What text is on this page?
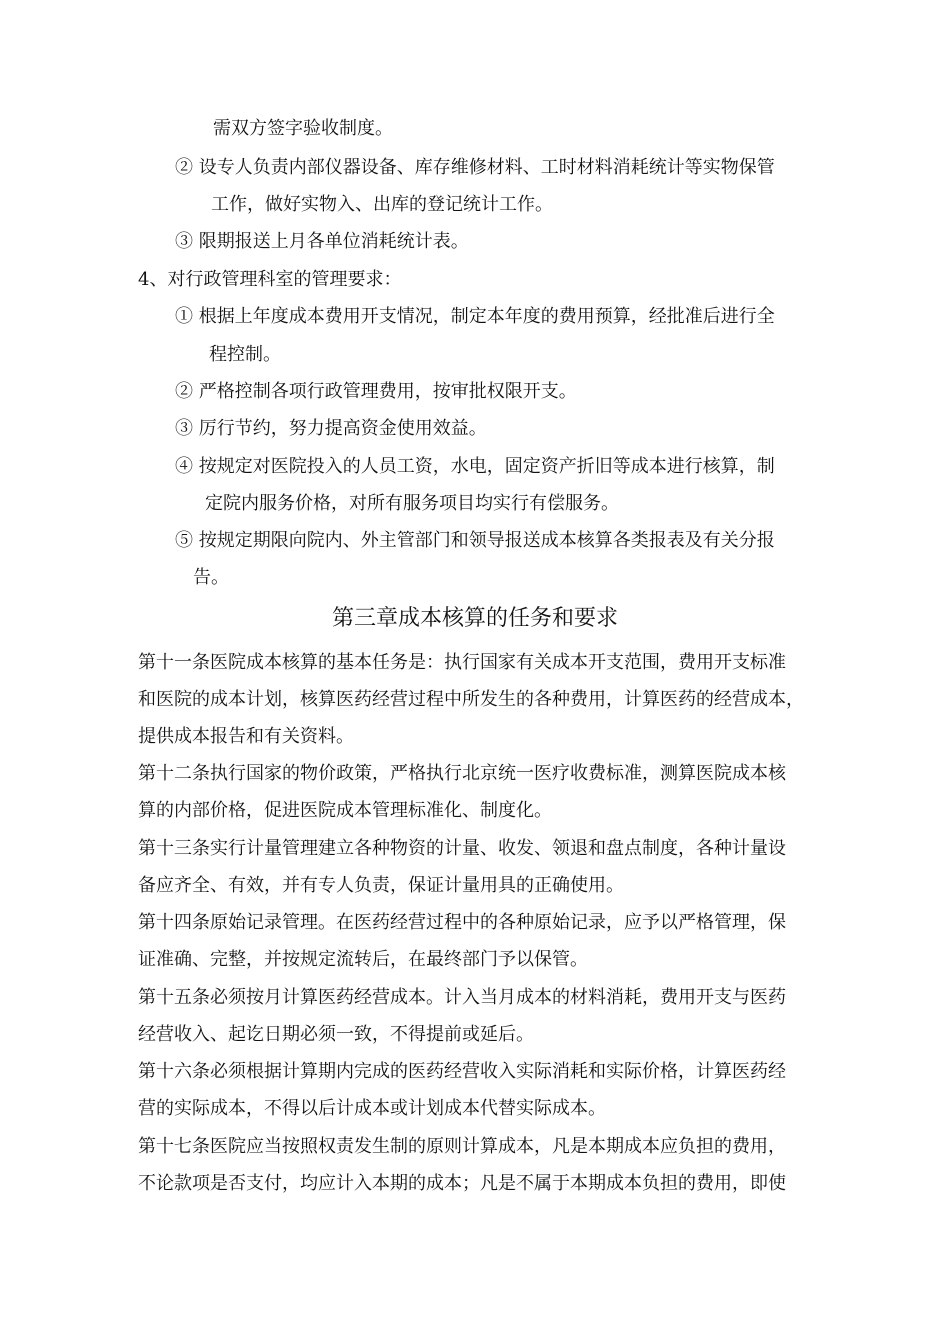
需双方签字验收制度。
② 设专人负责内部仪器设备、库存维修材料、工时材料消耗统计等实物保管
工作，做好实物入、出库的登记统计工作。
③ 限期报送上月各单位消耗统计表。
4、对行政管理科室的管理要求：
① 根据上年度成本费用开支情况，制定本年度的费用预算，经批准后进行全
程控制。
② 严格控制各项行政管理费用，按审批权限开支。
③ 厉行节约，努力提高资金使用效益。
④ 按规定对医院投入的人员工资，水电，固定资产折旧等成本进行核算，制
定院内服务价格，对所有服务项目均实行有偿服务。
⑤ 按规定期限向院内、外主管部门和领导报送成本核算各类报表及有关分报
告。
第三章成本核算的任务和要求
第十一条医院成本核算的基本任务是：执行国家有关成本开支范围，费用开支标准
和医院的成本计划，核算医药经营过程中所发生的各种费用，计算医药的经营成本，
提供成本报告和有关资料。
第十二条执行国家的物价政策，严格执行北京统一医疗收费标准，测算医院成本核
算的内部价格，促进医院成本管理标准化、制度化。
第十三条实行计量管理建立各种物资的计量、收发、领退和盘点制度，各种计量设
备应齐全、有效，并有专人负责，保证计量用具的正确使用。
第十四条原始记录管理。在医药经营过程中的各种原始记录，应予以严格管理，保
证准确、完整，并按规定流转后，在最终部门予以保管。
第十五条必须按月计算医药经营成本。计入当月成本的材料消耗，费用开支与医药
经营收入、起讫日期必须一致，不得提前或延后。
第十六条必须根据计算期内完成的医药经营收入实际消耗和实际价格，计算医药经
营的实际成本，不得以后计成本或计划成本代替实际成本。
第十七条医院应当按照权责发生制的原则计算成本，凡是本期成本应负担的费用，
不论款项是否支付，均应计入本期的成本；凡是不属于本期成本负担的费用，即使
